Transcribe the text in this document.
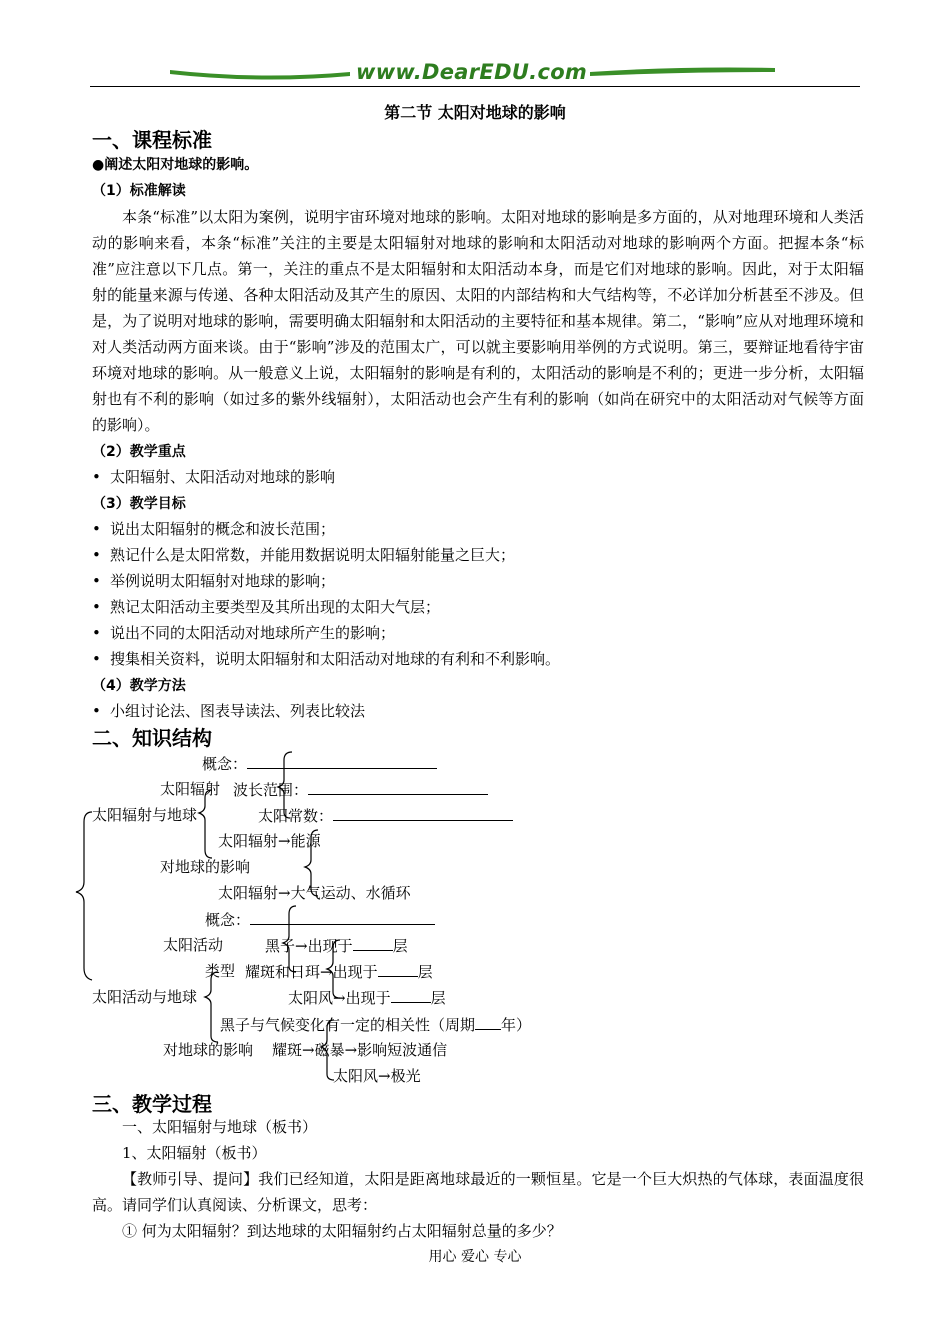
www.DearEDU.com
第二节 太阳对地球的影响
一、课程标准
●阐述太阳对地球的影响。
（1）标准解读
本条“标准”以太阳为案例，说明宇宙环境对地球的影响。太阳对地球的影响是多方面的，从对地理环境和人类活动的影响来看，本条“标准”关注的主要是太阳辐射对地球的影响和太阳活动对地球的影响两个方面。把握本条“标准”应注意以下几点。第一，关注的重点不是太阳辐射和太阳活动本身，而是它们对地球的影响。因此，对于太阳辐射的能量来源与传递、各种太阳活动及其产生的原因、太阳的内部结构和大气结构等，不必详加分析甚至不涉及。但是，为了说明对地球的影响，需要明确太阳辐射和太阳活动的主要特征和基本规律。第二，“影响”应从对地理环境和对人类活动两方面来谈。由于“影响”涉及的范围太广，可以就主要影响用举例的方式说明。第三，要辩证地看待宇宙环境对地球的影响。从一般意义上说，太阳辐射的影响是有利的，太阳活动的影响是不利的；更进一步分析，太阳辐射也有不利的影响（如过多的紫外线辐射），太阳活动也会产生有利的影响（如尚在研究中的太阳活动对气候等方面的影响）。
（2）教学重点
• 太阳辐射、太阳活动对地球的影响
（3）教学目标
• 说出太阳辐射的概念和波长范围；
• 熟记什么是太阳常数，并能用数据说明太阳辐射能量之巨大；
• 举例说明太阳辐射对地球的影响；
• 熟记太阳活动主要类型及其所出现的太阳大气层；
• 说出不同的太阳活动对地球所产生的影响；
• 搜集相关资料，说明太阳辐射和太阳活动对地球的有利和不利影响。
（4）教学方法
• 小组讨论法、图表导读法、列表比较法
二、知识结构
概念：
太阳辐射 波长范围：
太阳辐射与地球	太阳常数：
太阳辐射→能源
对地球的影响
太阳辐射→大气运动、水循环
概念：
太阳活动	黑子→出现于	层
类型 耀斑和日珥→出现于	层
太阳活动与地球	太阳风→出现于	层
黑子与气候变化有一定的相关性（周期 年）
对地球的影响 耀斑→磁暴→影响短波通信
太阳风→极光
三、教学过程
一、太阳辐射与地球（板书）
1、太阳辐射（板书）
【教师引导、提问】我们已经知道，太阳是距离地球最近的一颗恒星。它是一个巨大炽热的气体球，表面温度很高。请同学们认真阅读、分析课文，思考：
① 何为太阳辐射？到达地球的太阳辐射约占太阳辐射总量的多少？
用心 爱心 专心
